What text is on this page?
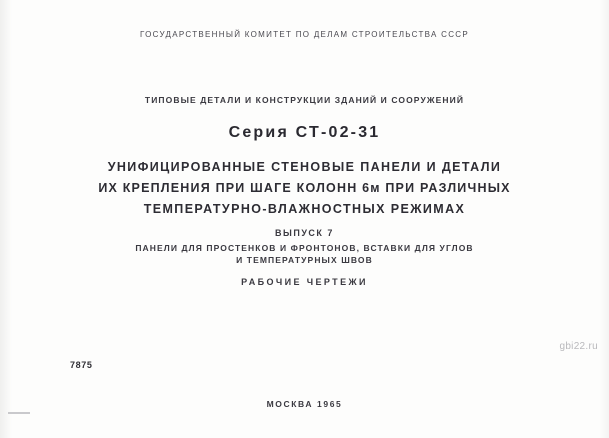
ГОСУДАРСТВЕННЫЙ КОМИТЕТ ПО ДЕЛАМ СТРОИТЕЛЬСТВА СССР
ТИПОВЫЕ ДЕТАЛИ И КОНСТРУКЦИИ ЗДАНИЙ И СООРУЖЕНИЙ
Серия СТ-02-31
УНИФИЦИРОВАННЫЕ СТЕНОВЫЕ ПАНЕЛИ И ДЕТАЛИ
ИХ КРЕПЛЕНИЯ ПРИ ШАГЕ КОЛОНН 6м ПРИ РАЗЛИЧНЫХ
ТЕМПЕРАТУРНО-ВЛАЖНОСТНЫХ РЕЖИМАХ
ВЫПУСК 7
ПАНЕЛИ ДЛЯ ПРОСТЕНКОВ И ФРОНТОНОВ, ВСТАВКИ ДЛЯ УГЛОВ
И ТЕМПЕРАТУРНЫХ ШВОВ
РАБОЧИЕ ЧЕРТЕЖИ
7875
МОСКВА 1965
gbi22.ru
